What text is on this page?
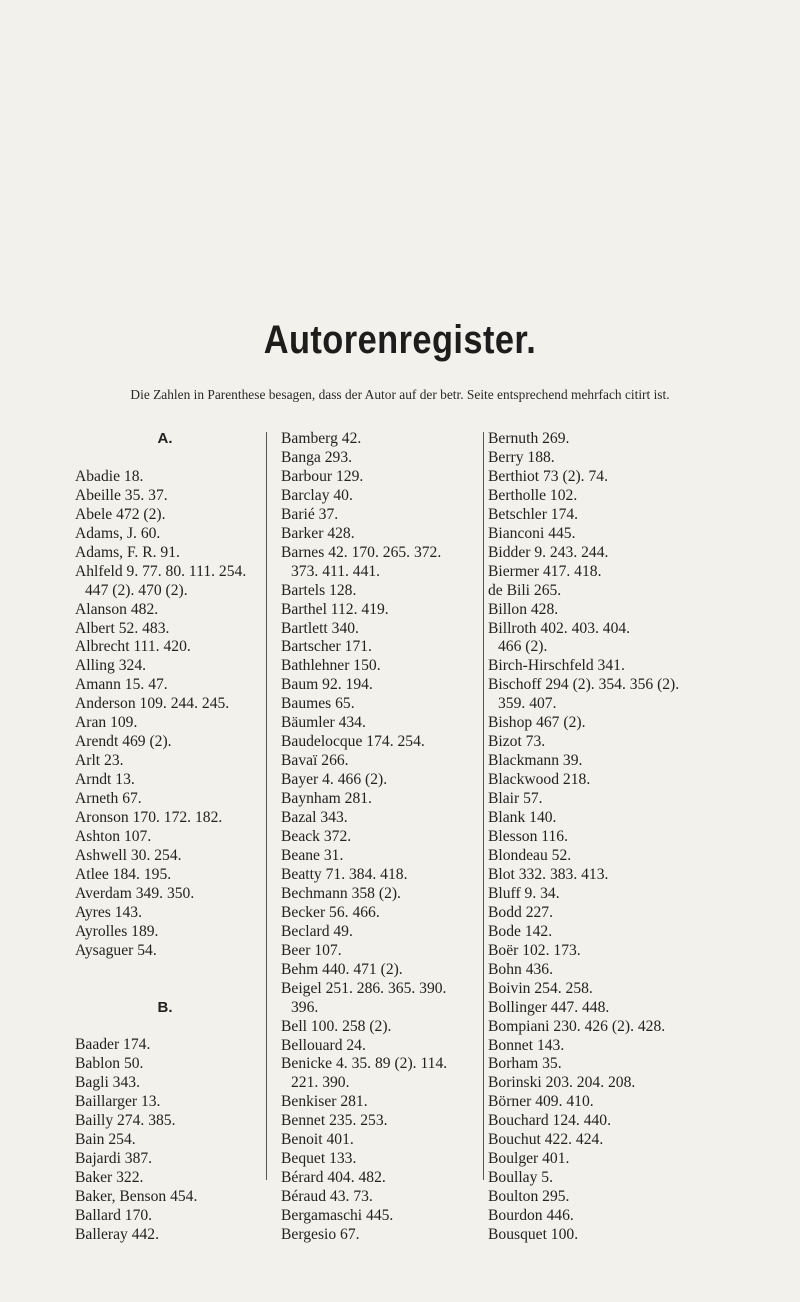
Autorenregister.
Die Zahlen in Parenthese besagen, dass der Autor auf der betr. Seite entsprechend mehrfach citirt ist.
A.
Abadie 18.
Abeille 35. 37.
Abele 472 (2).
Adams, J. 60.
Adams, F. R. 91.
Ahlfeld 9. 77. 80. 111. 254.
447 (2). 470 (2).
Alanson 482.
Albert 52. 483.
Albrecht 111. 420.
Alling 324.
Amann 15. 47.
Anderson 109. 244. 245.
Aran 109.
Arendt 469 (2).
Arlt 23.
Arndt 13.
Arneth 67.
Aronson 170. 172. 182.
Ashton 107.
Ashwell 30. 254.
Atlee 184. 195.
Averdam 349. 350.
Ayres 143.
Ayrolles 189.
Aysaguer 54.
B.
Baader 174.
Bablon 50.
Bagli 343.
Baillarger 13.
Bailly 274. 385.
Bain 254.
Bajardi 387.
Baker 322.
Baker, Benson 454.
Ballard 170.
Balleray 442.
Bamberg 42.
Banga 293.
Barbour 129.
Barclay 40.
Barié 37.
Barker 428.
Barnes 42. 170. 265. 372.
373. 411. 441.
Bartels 128.
Barthel 112. 419.
Bartlett 340.
Bartscher 171.
Bathlehner 150.
Baum 92. 194.
Baumes 65.
Bäumler 434.
Baudelocque 174. 254.
Bavaï 266.
Bayer 4. 466 (2).
Baynham 281.
Bazal 343.
Beack 372.
Beane 31.
Beatty 71. 384. 418.
Bechmann 358 (2).
Becker 56. 466.
Beclard 49.
Beer 107.
Behm 440. 471 (2).
Beigel 251. 286. 365. 390.
396.
Bell 100. 258 (2).
Bellouard 24.
Benicke 4. 35. 89 (2). 114.
221. 390.
Benkiser 281.
Bennet 235. 253.
Benoit 401.
Bequet 133.
Bérard 404. 482.
Béraud 43. 73.
Bergamaschi 445.
Bergesio 67.
Bernuth 269.
Berry 188.
Berthiot 73 (2). 74.
Bertholle 102.
Betschler 174.
Bianconi 445.
Bidder 9. 243. 244.
Biermer 417. 418.
de Bili 265.
Billon 428.
Billroth 402. 403. 404.
466 (2).
Birch-Hirschfeld 341.
Bischoff 294 (2). 354. 356 (2).
359. 407.
Bishop 467 (2).
Bizot 73.
Blackmann 39.
Blackwood 218.
Blair 57.
Blank 140.
Blesson 116.
Blondeau 52.
Blot 332. 383. 413.
Bluff 9. 34.
Bodd 227.
Bode 142.
Boër 102. 173.
Bohn 436.
Boivin 254. 258.
Bollinger 447. 448.
Bompiani 230. 426 (2). 428.
Bonnet 143.
Borham 35.
Borinski 203. 204. 208.
Börner 409. 410.
Bouchard 124. 440.
Bouchut 422. 424.
Boulger 401.
Boullay 5.
Boulton 295.
Bourdon 446.
Bousquet 100.
